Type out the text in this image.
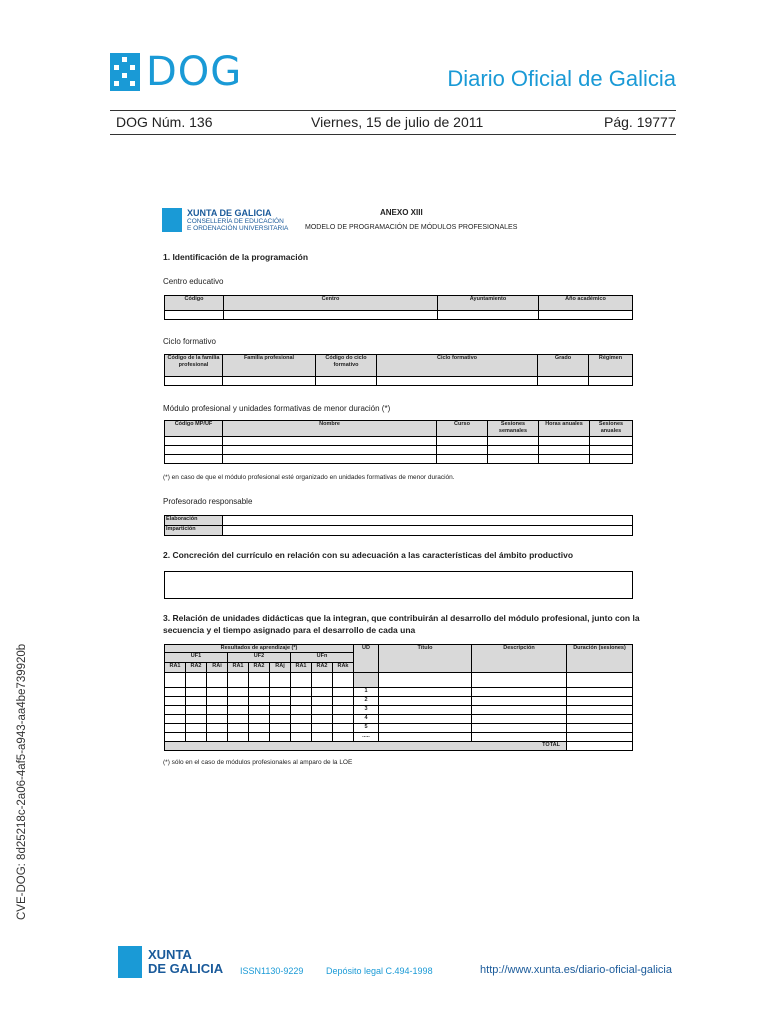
DOG	Diario Oficial de Galicia
DOG Núm. 136	Viernes, 15 de julio de 2011	Pág. 19777
XUNTA DE GALICIA
CONSELLERÍA DE EDUCACIÓN
E ORDENACIÓN UNIVERSITARIA
ANEXO XIII
MODELO DE PROGRAMACIÓN DE MÓDULOS PROFESIONALES
1. Identificación de la programación
Centro educativo
Código	Centro	Ayuntamiento	Año académico

Ciclo formativo
Código de la familia profesional	Familia profesional	Código do ciclo formativo	Ciclo formativo	Grado	Régimen

Módulo profesional y unidades formativas de menor duración (*)
Código MP/UF	Nombre	Curso	Sesiones semanales	Horas anuales	Sesiones anuales

(*) en caso de que el módulo profesional esté organizado en unidades formativas de menor duración.
Profesorado responsable
Elaboración	
Impartición	
2. Concreción del currículo en relación con su adecuación a las características del ámbito productivo
3. Relación de unidades didácticas que la integran, que contribuirán al desarrollo del módulo profesional, junto con la
secuencia y el tiempo asignado para el desarrollo de cada una
Resultados de aprendizaje (*)									UD	Título	Descripción	Duración (sesiones)
UF1			UF2			UFn						
RA1	RA2	RAi	RA1	RA2	RAj	RA1	RA2	RAk				

									1			
									2			
									3			
									4			
									5			
									.....			
TOTAL												
(*) sólo en el caso de módulos profesionales al amparo de la LOE
CVE-DOG: 8d25218c-2a06-4af5-a943-aa4be739920b
XUNTA
DE GALICIA ISSN1130-9229	Depósito legal C.494-1998	http://www.xunta.es/diario-oficial-galicia
